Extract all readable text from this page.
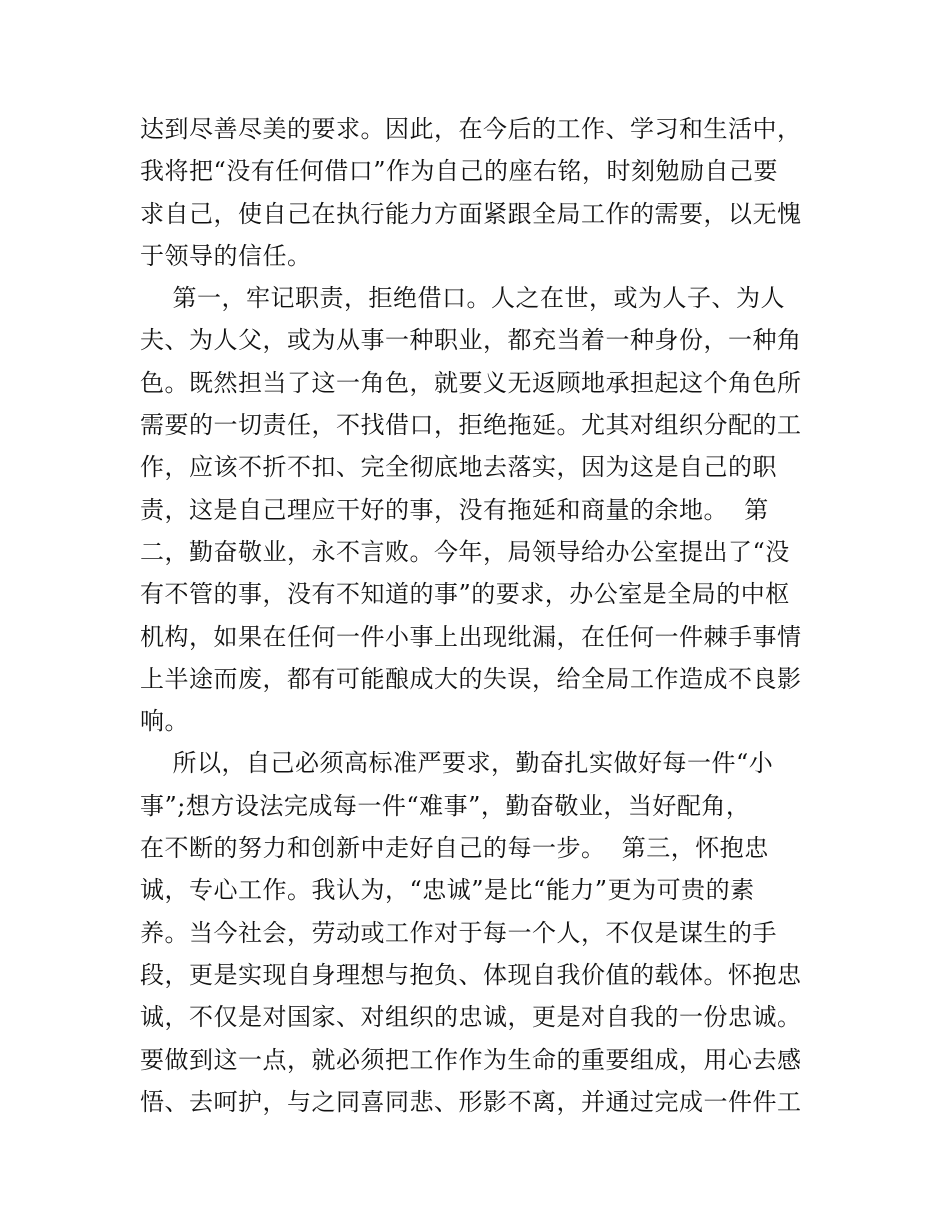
达到尽善尽美的要求。因此，在今后的工作、学习和生活中，
我将把“没有任何借口”作为自己的座右铭，时刻勉励自己要
求自己，使自己在执行能力方面紧跟全局工作的需要，以无愧
于领导的信任。
第一，牢记职责，拒绝借口。人之在世，或为人子、为人
夫、为人父，或为从事一种职业，都充当着一种身份，一种角
色。既然担当了这一角色，就要义无返顾地承担起这个角色所
需要的一切责任，不找借口，拒绝拖延。尤其对组织分配的工
作，应该不折不扣、完全彻底地去落实，因为这是自己的职
责，这是自己理应干好的事，没有拖延和商量的余地。  第
二，勤奋敬业，永不言败。今年，局领导给办公室提出了“没
有不管的事，没有不知道的事”的要求，办公室是全局的中枢
机构，如果在任何一件小事上出现纰漏，在任何一件棘手事情
上半途而废，都有可能酿成大的失误，给全局工作造成不良影
响。
所以，自己必须高标准严要求，勤奋扎实做好每一件“小
事”;想方设法完成每一件“难事”，勤奋敬业，当好配角，
在不断的努力和创新中走好自己的每一步。  第三，怀抱忠
诚，专心工作。我认为，“忠诚”是比“能力”更为可贵的素
养。当今社会，劳动或工作对于每一个人，不仅是谋生的手
段，更是实现自身理想与抱负、体现自我价值的载体。怀抱忠
诚，不仅是对国家、对组织的忠诚，更是对自我的一份忠诚。
要做到这一点，就必须把工作作为生命的重要组成，用心去感
悟、去呵护，与之同喜同悲、形影不离，并通过完成一件件工
